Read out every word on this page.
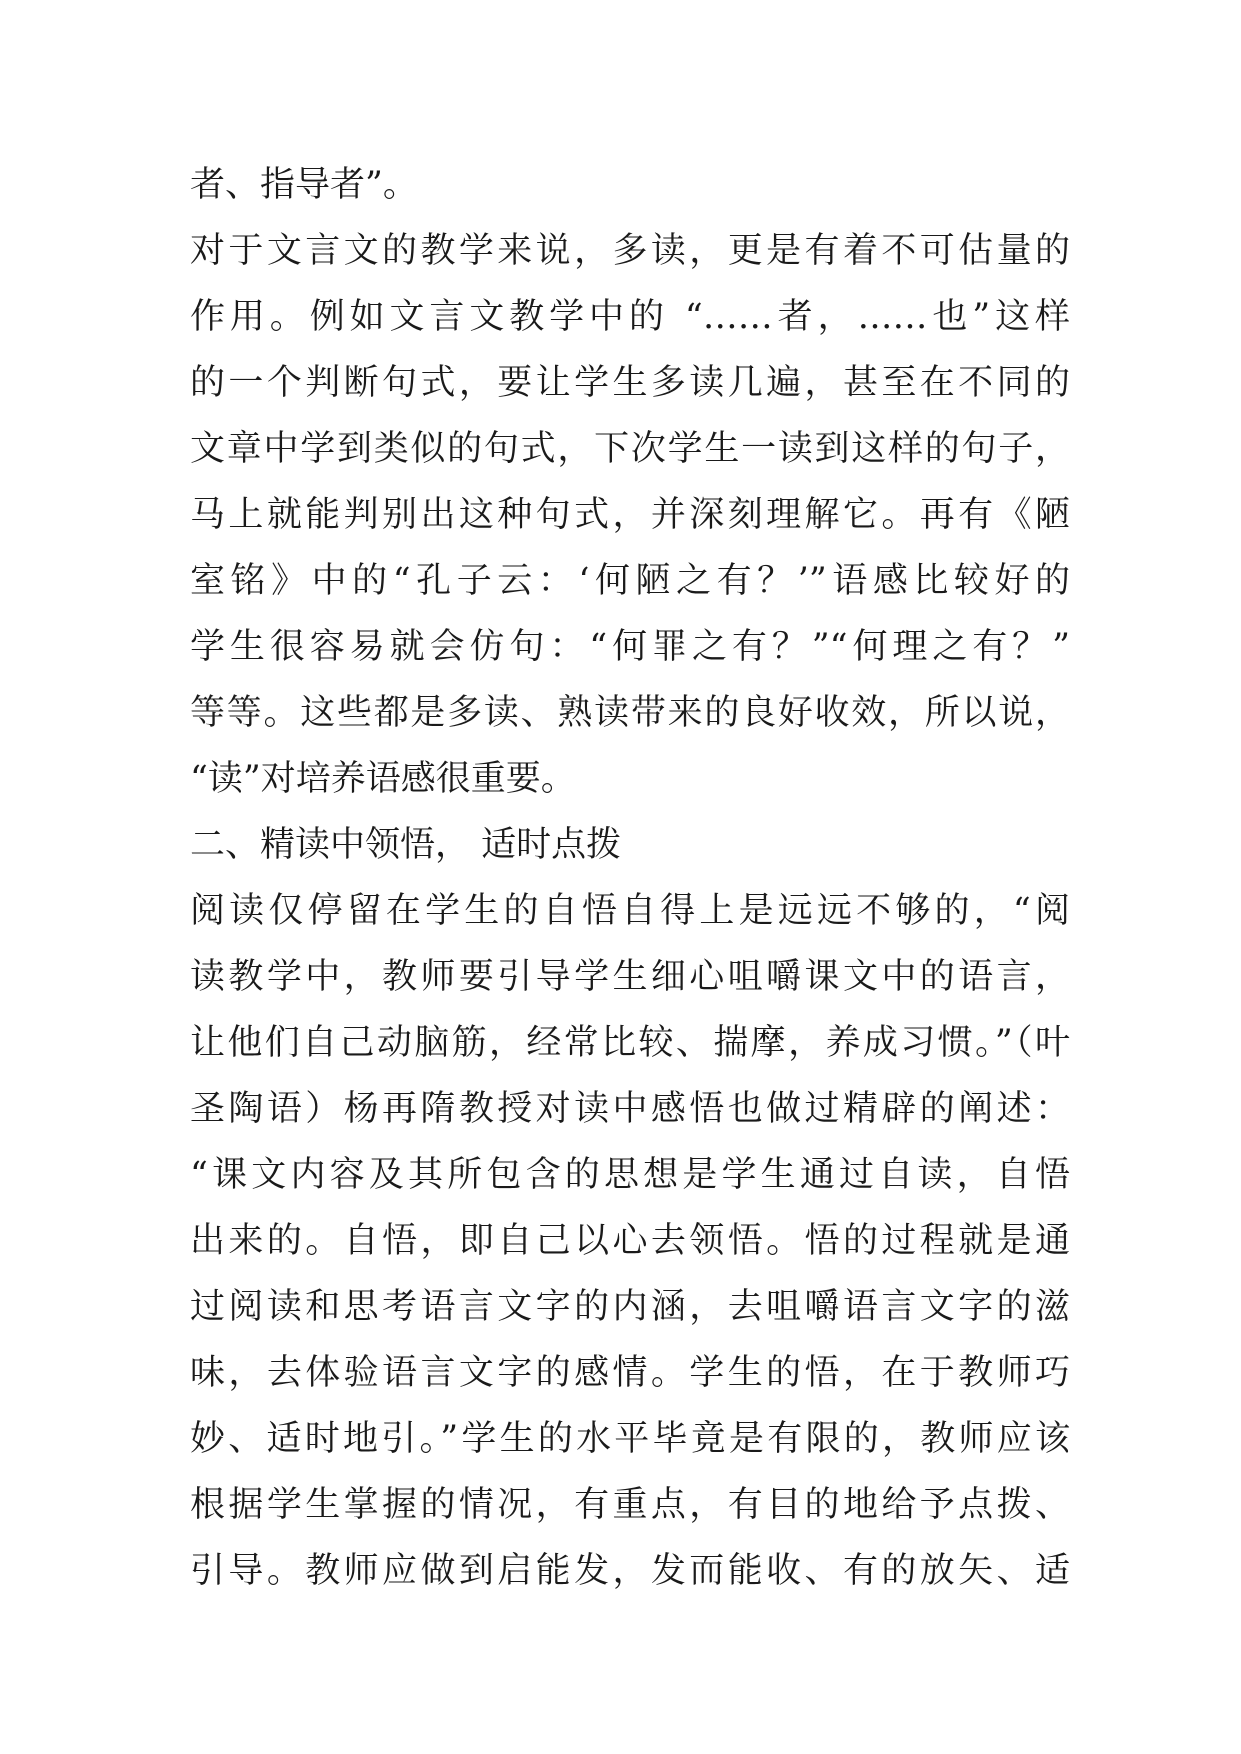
者、指导者”。
对于文言文的教学来说，多读，更是有着不可估量的
作用。例如文言文教学中的 “……者，……也”这样
的一个判断句式，要让学生多读几遍，甚至在不同的
文章中学到类似的句式，下次学生一读到这样的句子，
马上就能判别出这种句式，并深刻理解它。再有《陋
室铭》中的“孔子云：‘何陋之有？’”语感比较好的
学生很容易就会仿句：“何罪之有？”“何理之有？”
等等。这些都是多读、熟读带来的良好收效，所以说，
“读”对培养语感很重要。
二、精读中领悟， 适时点拨
阅读仅停留在学生的自悟自得上是远远不够的，“阅
读教学中，教师要引导学生细心咀嚼课文中的语言，
让他们自己动脑筋，经常比较、揣摩，养成习惯。”（叶
圣陶语）杨再隋教授对读中感悟也做过精辟的阐述：
“课文内容及其所包含的思想是学生通过自读，自悟
出来的。自悟，即自己以心去领悟。悟的过程就是通
过阅读和思考语言文字的内涵，去咀嚼语言文字的滋
味，去体验语言文字的感情。学生的悟，在于教师巧
妙、适时地引。”学生的水平毕竟是有限的，教师应该
根据学生掌握的情况，有重点，有目的地给予点拨、
引导。教师应做到启能发，发而能收、有的放矢、适
